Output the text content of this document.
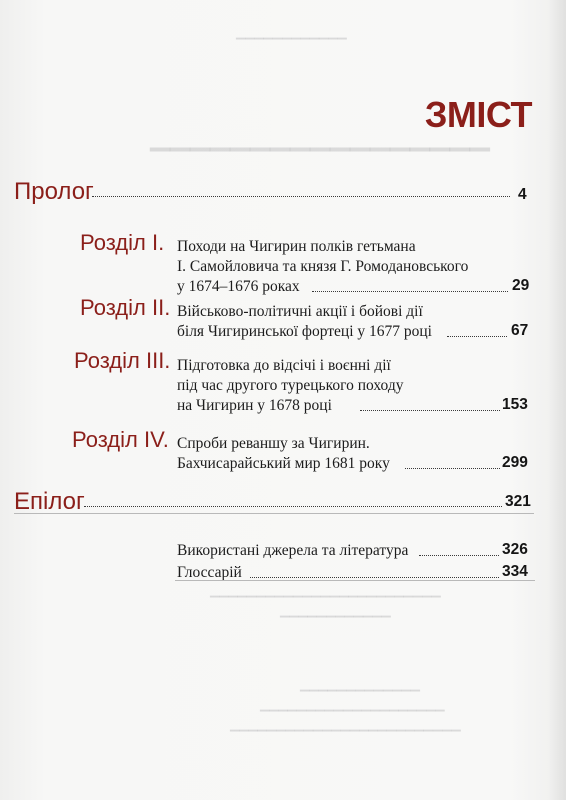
▔▔▔▔▔▔▔▔▔▔▔▔
▁▁▁▁▁▁▁▁▁▁▁▁▁▁▁▁▁
ЗМІСТ
Пролог	4
Розділ І. Походи на Чигирин полків гетьмана
І. Самойловича та князя Г. Ромодановського
у 1674–1676 роках	29
Розділ ІІ. Військово-політичні акції і бойові дії
біля Чигиринської фортеці у 1677 році	67
Розділ ІІІ. Підготовка до відсічі і воєнні дії
під час другого турецького походу
на Чигирин у 1678 році	153
Розділ ІV. Спроби реваншу за Чигирин.
Бахчисарайський мир 1681 року	299
Епілог	321
Використані джерела та література	326
Глоссарій	334
▔▔▔▔▔▔▔▔▔▔▔▔▔▔▔▔▔▔▔▔▔▔▔▔▔
▔▔▔▔▔▔▔▔▔▔▔▔
▔▔▔▔▔▔▔▔▔▔▔▔▔
▔▔▔▔▔▔▔▔▔▔▔▔▔▔▔▔▔▔▔▔
▔▔▔▔▔▔▔▔▔▔▔▔▔▔▔▔▔▔▔▔▔▔▔▔▔
